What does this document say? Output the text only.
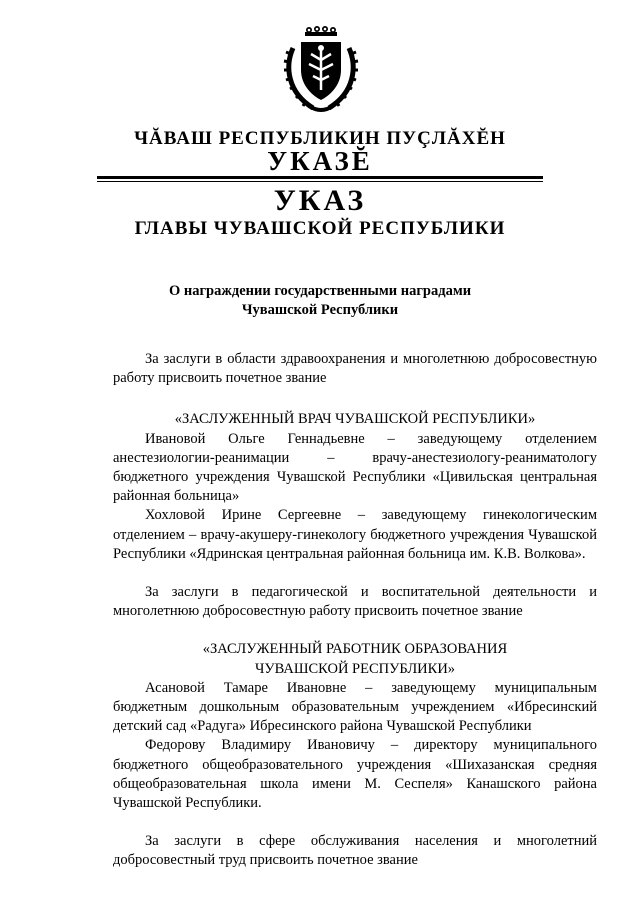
ЧĂВАШ РЕСПУБЛИКИН ПУÇЛĂХĔН
УКАЗĔ
УКАЗ
ГЛАВЫ ЧУВАШСКОЙ РЕСПУБЛИКИ
О награждении государственными наградами
Чувашской Республики

За заслуги в области здравоохранения и многолетнюю добросовестную работу присвоить почетное звание

«ЗАСЛУЖЕННЫЙ ВРАЧ ЧУВАШСКОЙ РЕСПУБЛИКИ»

Ивановой Ольге Геннадьевне – заведующему отделением анестезиологии-реанимации – врачу-анестезиологу-реаниматологу бюджетного учреждения Чувашской Республики «Цивильская центральная районная больница»

Хохловой Ирине Сергеевне – заведующему гинекологическим отделением – врачу-акушеру-гинекологу бюджетного учреждения Чувашской Республики «Ядринская центральная районная больница им. К.В. Волкова».

За заслуги в педагогической и воспитательной деятельности и многолетнюю добросовестную работу присвоить почетное звание

«ЗАСЛУЖЕННЫЙ РАБОТНИК ОБРАЗОВАНИЯ

ЧУВАШСКОЙ РЕСПУБЛИКИ»

Асановой Тамаре Ивановне – заведующему муниципальным бюджетным дошкольным образовательным учреждением «Ибресинский детский сад «Радуга» Ибресинского района Чувашской Республики

Федорову Владимиру Ивановичу – директору муниципального бюджетного общеобразовательного учреждения «Шихазанская средняя общеобразовательная школа имени М. Сеспеля» Канашского района Чувашской Республики.

За заслуги в сфере обслуживания населения и многолетний добросовестный труд присвоить почетное звание
